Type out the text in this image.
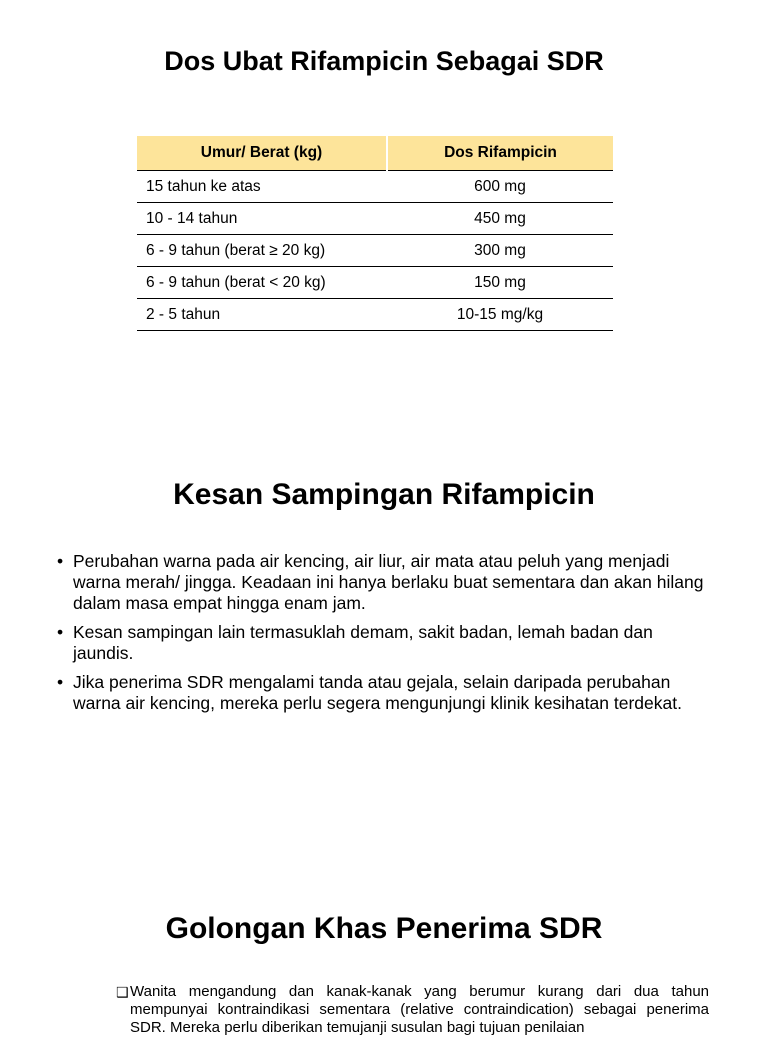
Dos Ubat Rifampicin Sebagai SDR
Umur/ Berat (kg)	Dos Rifampicin
15 tahun ke atas	600 mg
10 - 14 tahun	450 mg
6 - 9 tahun (berat ≥ 20 kg)	300 mg
6 - 9 tahun (berat < 20 kg)	150 mg
2 - 5 tahun	10-15 mg/kg
Kesan Sampingan Rifampicin
• Perubahan warna pada air kencing, air liur, air mata atau peluh yang menjadi warna merah/ jingga. Keadaan ini hanya berlaku buat sementara dan akan hilang dalam masa empat hingga enam jam.
• Kesan sampingan lain termasuklah demam, sakit badan, lemah badan dan jaundis.
• Jika penerima SDR mengalami tanda atau gejala, selain daripada perubahan warna air kencing, mereka perlu segera mengunjungi klinik kesihatan terdekat.
Golongan Khas Penerima SDR
❑ Wanita mengandung dan kanak-kanak yang berumur kurang dari dua tahun mempunyai kontraindikasi sementara (relative contraindication) sebagai penerima SDR. Mereka perlu diberikan temujanji susulan bagi tujuan penilaian
